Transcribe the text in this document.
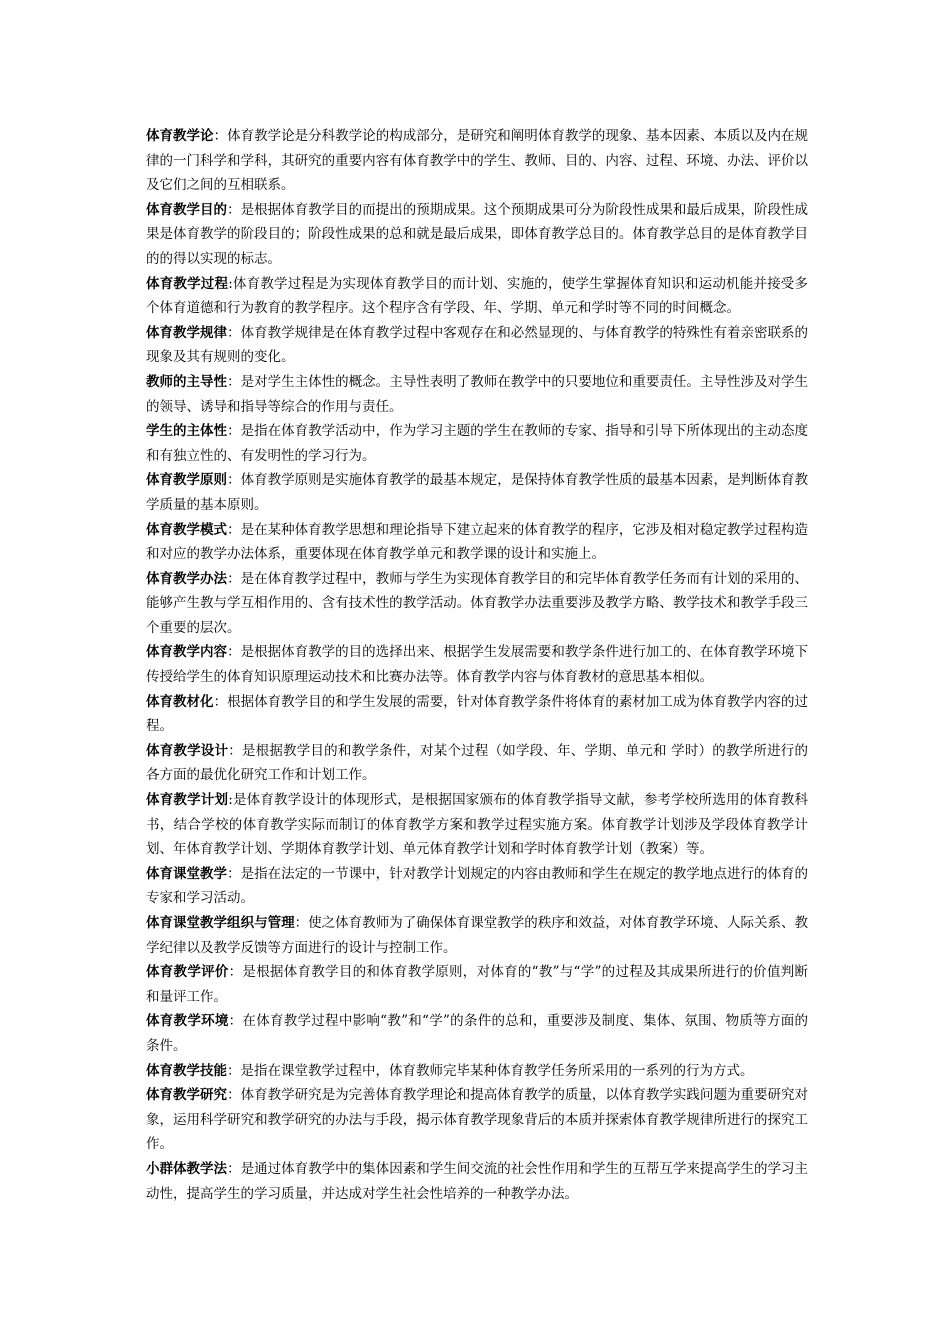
体育教学论：体育教学论是分科教学论的构成部分，是研究和阐明体育教学的现象、基本因素、本质以及内在规律的一门科学和学科，其研究的重要内容有体育教学中的学生、教师、目的、内容、过程、环境、办法、评价以及它们之间的互相联系。

体育教学目的：是根据体育教学目的而提出的预期成果。这个预期成果可分为阶段性成果和最后成果，阶段性成果是体育教学的阶段目的；阶段性成果的总和就是最后成果，即体育教学总目的。体育教学总目的是体育教学目的的得以实现的标志。

体育教学过程:体育教学过程是为实现体育教学目的而计划、实施的，使学生掌握体育知识和运动机能并接受多个体育道德和行为教育的教学程序。这个程序含有学段、年、学期、单元和学时等不同的时间概念。

体育教学规律：体育教学规律是在体育教学过程中客观存在和必然显现的、与体育教学的特殊性有着亲密联系的现象及其有规则的变化。

教师的主导性：是对学生主体性的概念。主导性表明了教师在教学中的只要地位和重要责任。主导性涉及对学生的领导、诱导和指导等综合的作用与责任。

学生的主体性：是指在体育教学活动中，作为学习主题的学生在教师的专家、指导和引导下所体现出的主动态度和有独立性的、有发明性的学习行为。

体育教学原则：体育教学原则是实施体育教学的最基本规定，是保持体育教学性质的最基本因素，是判断体育教学质量的基本原则。

体育教学模式：是在某种体育教学思想和理论指导下建立起来的体育教学的程序，它涉及相对稳定教学过程构造和对应的教学办法体系，重要体现在体育教学单元和教学课的设计和实施上。

体育教学办法：是在体育教学过程中，教师与学生为实现体育教学目的和完毕体育教学任务而有计划的采用的、能够产生教与学互相作用的、含有技术性的教学活动。体育教学办法重要涉及教学方略、教学技术和教学手段三个重要的层次。

体育教学内容：是根据体育教学的目的选择出来、根据学生发展需要和教学条件进行加工的、在体育教学环境下传授给学生的体育知识原理运动技术和比赛办法等。体育教学内容与体育教材的意思基本相似。

体育教材化：根据体育教学目的和学生发展的需要，针对体育教学条件将体育的素材加工成为体育教学内容的过程。

体育教学设计：是根据教学目的和教学条件，对某个过程（如学段、年、学期、单元和 学时）的教学所进行的各方面的最优化研究工作和计划工作。

体育教学计划:是体育教学设计的体现形式，是根据国家颁布的体育教学指导文献，参考学校所选用的体育教科书，结合学校的体育教学实际而制订的体育教学方案和教学过程实施方案。体育教学计划涉及学段体育教学计划、年体育教学计划、学期体育教学计划、单元体育教学计划和学时体育教学计划（教案）等。

体育课堂教学：是指在法定的一节课中，针对教学计划规定的内容由教师和学生在规定的教学地点进行的体育的专家和学习活动。

体育课堂教学组织与管理：使之体育教师为了确保体育课堂教学的秩序和效益，对体育教学环境、人际关系、教学纪律以及教学反馈等方面进行的设计与控制工作。

体育教学评价：是根据体育教学目的和体育教学原则，对体育的“教”与“学”的过程及其成果所进行的价值判断和量评工作。

体育教学环境：在体育教学过程中影响“教”和“学”的条件的总和，重要涉及制度、集体、氛围、物质等方面的条件。

体育教学技能：是指在课堂教学过程中，体育教师完毕某种体育教学任务所采用的一系列的行为方式。

体育教学研究：体育教学研究是为完善体育教学理论和提高体育教学的质量，以体育教学实践问题为重要研究对象，运用科学研究和教学研究的办法与手段，揭示体育教学现象背后的本质并探索体育教学规律所进行的探究工作。

小群体教学法：是通过体育教学中的集体因素和学生间交流的社会性作用和学生的互帮互学来提高学生的学习主动性，提高学生的学习质量，并达成对学生社会性培养的一种教学办法。
